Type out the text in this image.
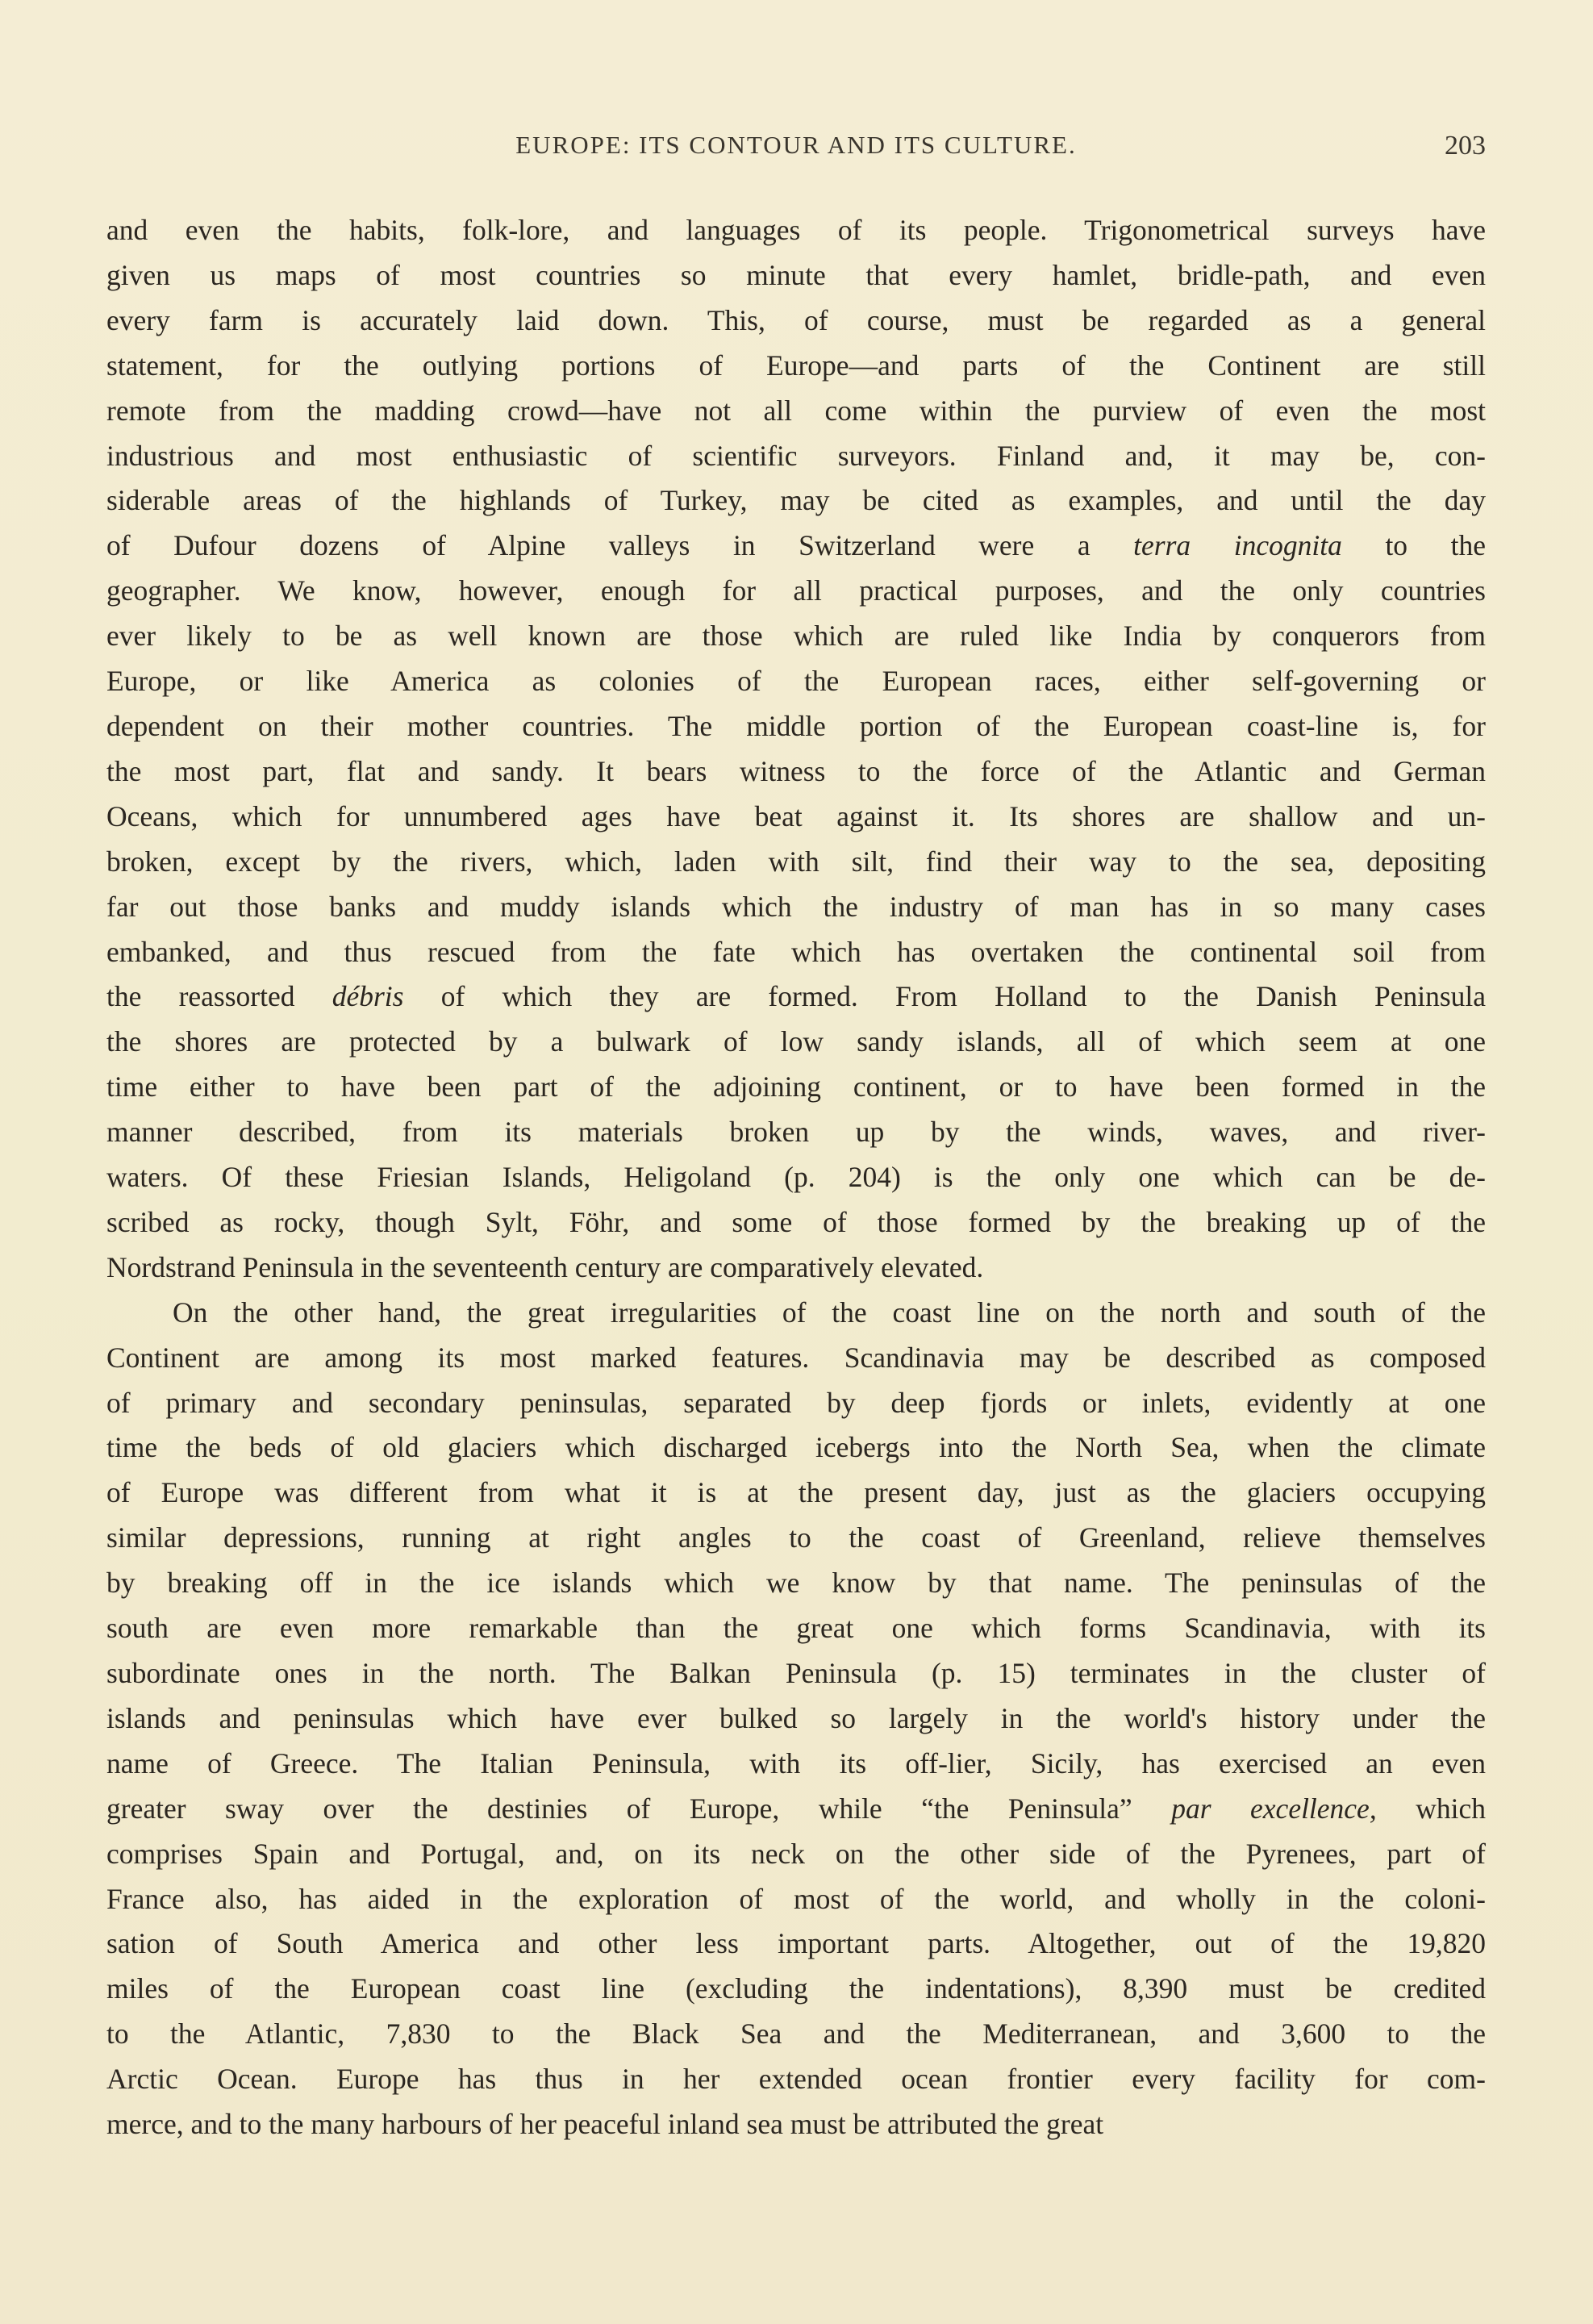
EUROPE: ITS CONTOUR AND ITS CULTURE.	203

and even the habits, folk-lore, and languages of its people. Trigonometrical surveys have
given us maps of most countries so minute that every hamlet, bridle-path, and even
every farm is accurately laid down. This, of course, must be regarded as a general
statement, for the outlying portions of Europe—and parts of the Continent are still
remote from the madding crowd—have not all come within the purview of even the most
industrious and most enthusiastic of scientific surveyors. Finland and, it may be, con-
siderable areas of the highlands of Turkey, may be cited as examples, and until the day
of Dufour dozens of Alpine valleys in Switzerland were a terra incognita to the
geographer. We know, however, enough for all practical purposes, and the only countries
ever likely to be as well known are those which are ruled like India by conquerors from
Europe, or like America as colonies of the European races, either self-governing or
dependent on their mother countries. The middle portion of the European coast-line is, for
the most part, flat and sandy. It bears witness to the force of the Atlantic and German
Oceans, which for unnumbered ages have beat against it. Its shores are shallow and un-
broken, except by the rivers, which, laden with silt, find their way to the sea, depositing
far out those banks and muddy islands which the industry of man has in so many cases
embanked, and thus rescued from the fate which has overtaken the continental soil from
the reassorted débris of which they are formed. From Holland to the Danish Peninsula
the shores are protected by a bulwark of low sandy islands, all of which seem at one
time either to have been part of the adjoining continent, or to have been formed in the
manner described, from its materials broken up by the winds, waves, and river-
waters. Of these Friesian Islands, Heligoland (p. 204) is the only one which can be de-
scribed as rocky, though Sylt, Föhr, and some of those formed by the breaking up of the
Nordstrand Peninsula in the seventeenth century are comparatively elevated.

On the other hand, the great irregularities of the coast line on the north and south of the
Continent are among its most marked features. Scandinavia may be described as composed
of primary and secondary peninsulas, separated by deep fjords or inlets, evidently at one
time the beds of old glaciers which discharged icebergs into the North Sea, when the climate
of Europe was different from what it is at the present day, just as the glaciers occupying
similar depressions, running at right angles to the coast of Greenland, relieve themselves
by breaking off in the ice islands which we know by that name. The peninsulas of the
south are even more remarkable than the great one which forms Scandinavia, with its
subordinate ones in the north. The Balkan Peninsula (p. 15) terminates in the cluster of
islands and peninsulas which have ever bulked so largely in the world's history under the
name of Greece. The Italian Peninsula, with its off-lier, Sicily, has exercised an even
greater sway over the destinies of Europe, while “the Peninsula” par excellence, which
comprises Spain and Portugal, and, on its neck on the other side of the Pyrenees, part of
France also, has aided in the exploration of most of the world, and wholly in the coloni-
sation of South America and other less important parts. Altogether, out of the 19,820
miles of the European coast line (excluding the indentations), 8,390 must be credited
to the Atlantic, 7,830 to the Black Sea and the Mediterranean, and 3,600 to the
Arctic Ocean. Europe has thus in her extended ocean frontier every facility for com-
merce, and to the many harbours of her peaceful inland sea must be attributed the great
